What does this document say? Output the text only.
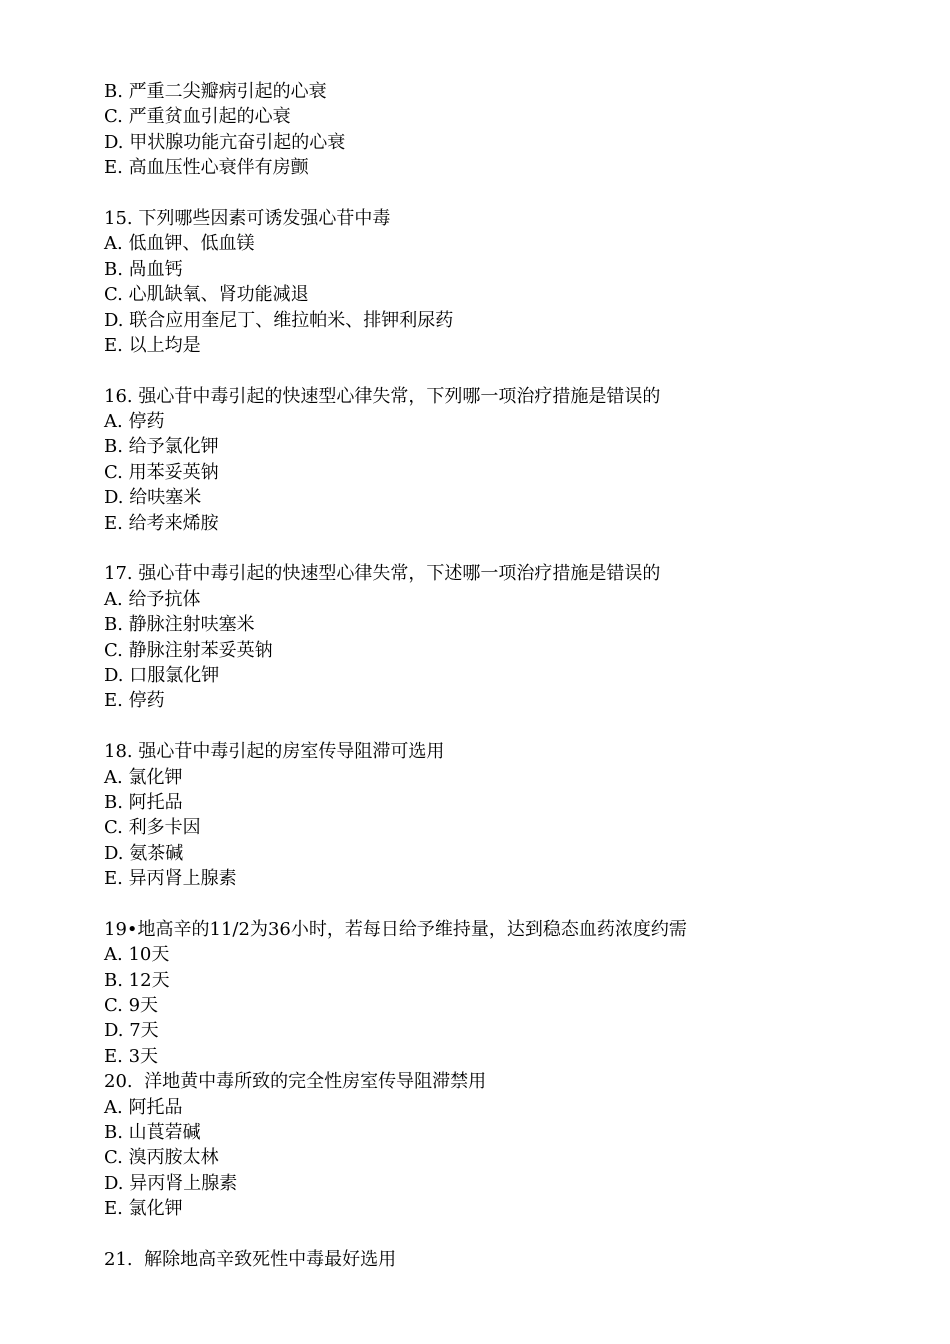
B. 严重二尖瓣病引起的心衰
C. 严重贫血引起的心衰
D. 甲状腺功能亢奋引起的心衰
E. 高血压性心衰伴有房颤
15. 下列哪些因素可诱发强心苷中毒
A. 低血钾、低血镁
B. 咼血钙
C. 心肌缺氧、肾功能减退
D. 联合应用奎尼丁、维拉帕米、排钾利尿药
E. 以上均是
16. 强心苷中毒引起的快速型心律失常，下列哪一项治疗措施是错误的
A. 停药
B. 给予氯化钾
C. 用苯妥英钠
D. 给呋塞米
E. 给考来烯胺
17. 强心苷中毒引起的快速型心律失常，下述哪一项治疗措施是错误的
A. 给予抗体
B. 静脉注射呋塞米
C. 静脉注射苯妥英钠
D. 口服氯化钾
E. 停药
18. 强心苷中毒引起的房室传导阻滞可选用
A. 氯化钾
B. 阿托品
C. 利多卡因
D. 氨茶碱
E. 异丙肾上腺素
19•地高辛的11/2为36小时，若每日给予维持量，达到稳态血药浓度约需
A. 10天
B. 12天
C. 9天
D. 7天
E. 3天
20.  洋地黄中毒所致的完全性房室传导阻滞禁用
A. 阿托品
B. 山莨菪碱
C. 溴丙胺太林
D. 异丙肾上腺素
E. 氯化钾
21.  解除地高辛致死性中毒最好选用
